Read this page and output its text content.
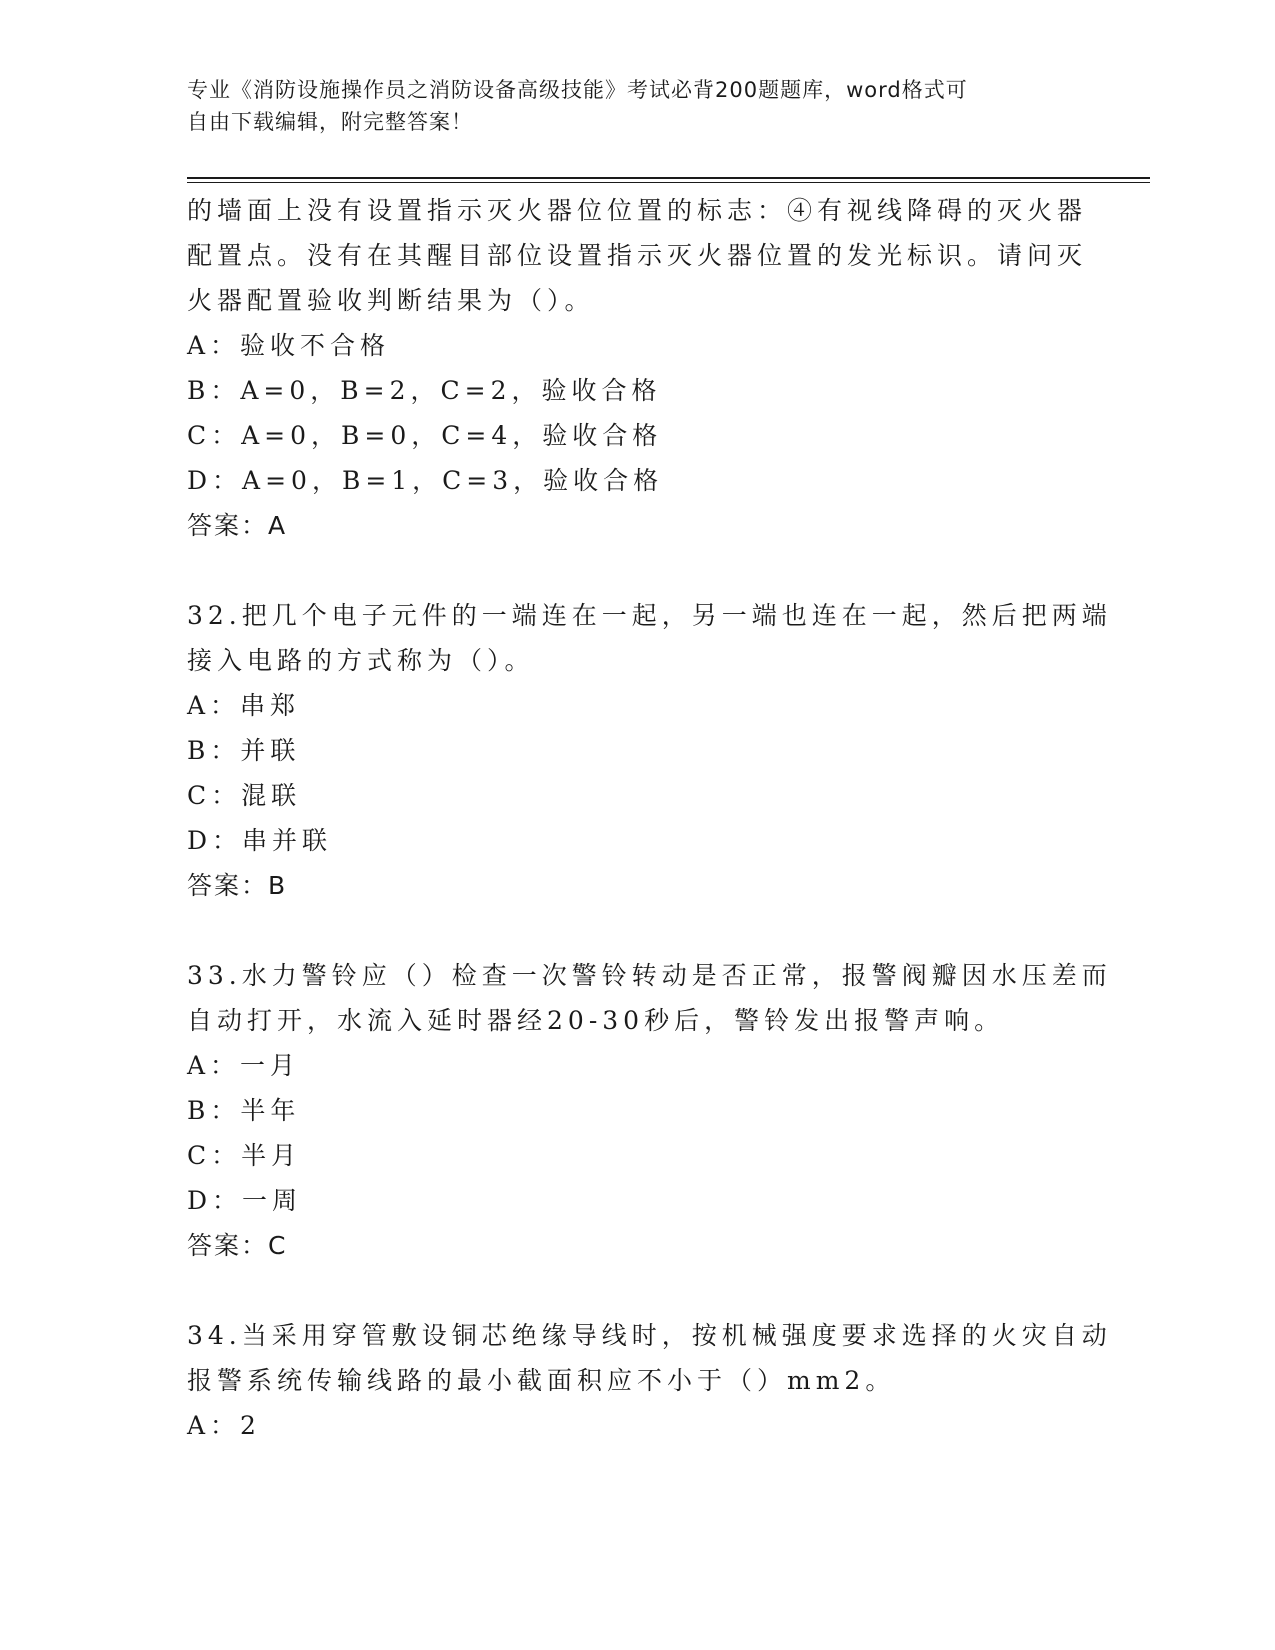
专业《消防设施操作员之消防设备高级技能》考试必背200题题库，word格式可
自由下载编辑，附完整答案！
的墙面上没有设置指示灭火器位位置的标志：④有视线降碍的灭火器
配置点。没有在其醒目部位设置指示灭火器位置的发光标识。请问灭
火器配置验收判断结果为（）。
A：验收不合格
B：A=0，B=2，C=2，验收合格
C：A=0，B=0，C=4，验收合格
D：A=0，B=1，C=3，验收合格
答案：A
32.把几个电子元件的一端连在一起，另一端也连在一起，然后把两端
接入电路的方式称为（）。
A：串郑
B：并联
C：混联
D：串并联
答案：B
33.水力警铃应（）检查一次警铃转动是否正常，报警阀瓣因水压差而
自动打开，水流入延时器经20-30秒后，警铃发出报警声响。
A：一月
B：半年
C：半月
D：一周
答案：C
34.当采用穿管敷设铜芯绝缘导线时，按机械强度要求选择的火灾自动
报警系统传输线路的最小截面积应不小于（）mm2。
A：2
